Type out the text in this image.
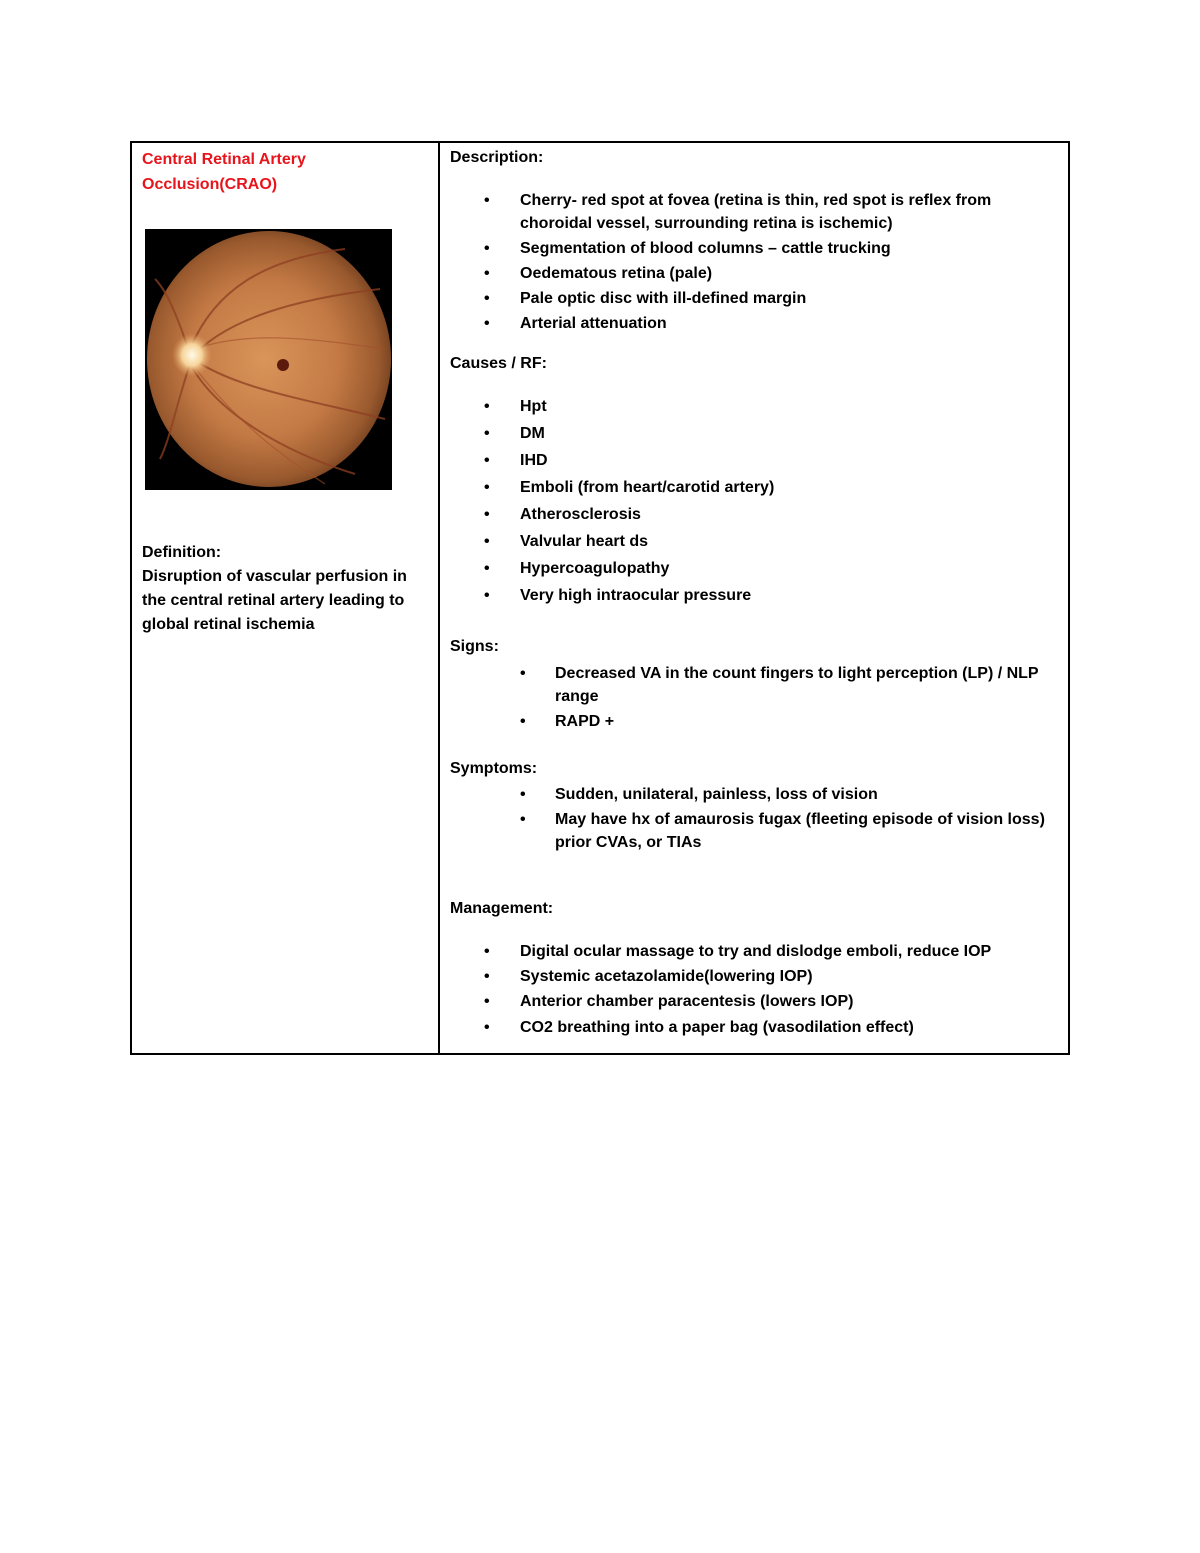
Central Retinal Artery
Occlusion(CRAO)
Definition:
Disruption of vascular perfusion in the central retinal artery leading to global retinal ischemia
Description:
• Cherry- red spot at fovea (retina is thin, red spot is reflex from choroidal vessel, surrounding retina is ischemic)
• Segmentation of blood columns – cattle trucking
• Oedematous retina (pale)
• Pale optic disc with ill-defined margin
• Arterial attenuation
Causes / RF:
• Hpt
• DM
• IHD
• Emboli (from heart/carotid artery)
• Atherosclerosis
• Valvular heart ds
• Hypercoagulopathy
• Very high intraocular pressure
Signs:
• Decreased VA in the count fingers to light perception (LP) / NLP range
• RAPD +
Symptoms:
• Sudden, unilateral, painless, loss of vision
• May have hx of amaurosis fugax (fleeting episode of vision loss) prior CVAs, or TIAs
Management:
• Digital ocular massage to try and dislodge emboli, reduce IOP
• Systemic acetazolamide(lowering IOP)
• Anterior chamber paracentesis (lowers IOP)
• CO2 breathing into a paper bag (vasodilation effect)
